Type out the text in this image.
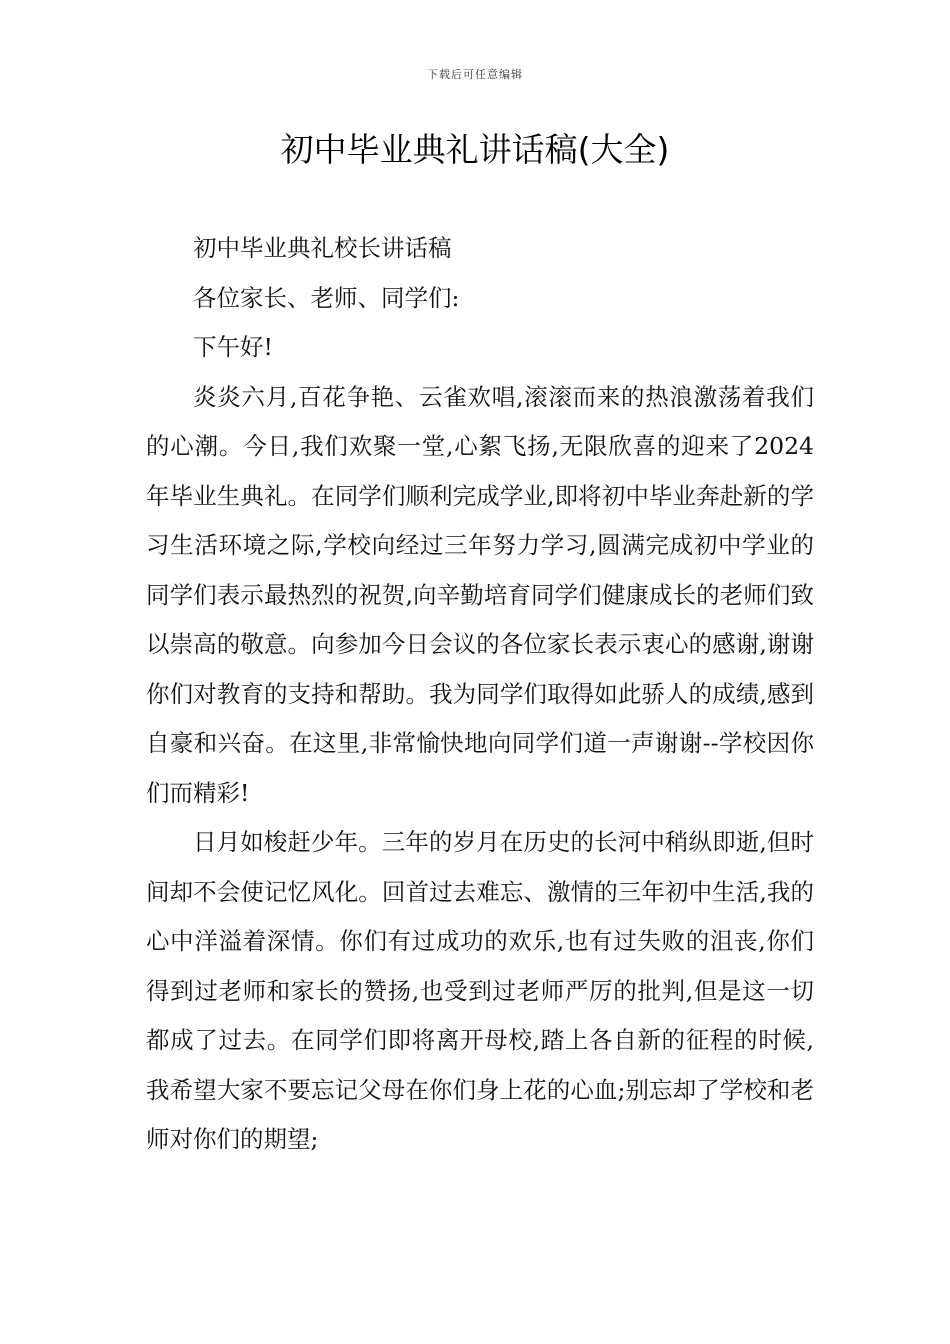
下载后可任意编辑
初中毕业典礼讲话稿(大全)

初中毕业典礼校长讲话稿

各位家长、老师、同学们:

下午好!

炎炎六月,百花争艳、云雀欢唱,滚滚而来的热浪激荡着我们的心潮。今日,我们欢聚一堂,心絮飞扬,无限欣喜的迎来了2024年毕业生典礼。在同学们顺利完成学业,即将初中毕业奔赴新的学习生活环境之际,学校向经过三年努力学习,圆满完成初中学业的同学们表示最热烈的祝贺,向辛勤培育同学们健康成长的老师们致以崇高的敬意。向参加今日会议的各位家长表示衷心的感谢,谢谢你们对教育的支持和帮助。我为同学们取得如此骄人的成绩,感到自豪和兴奋。在这里,非常愉快地向同学们道一声谢谢--学校因你们而精彩!

日月如梭赶少年。三年的岁月在历史的长河中稍纵即逝,但时间却不会使记忆风化。回首过去难忘、激情的三年初中生活,我的心中洋溢着深情。你们有过成功的欢乐,也有过失败的沮丧,你们得到过老师和家长的赞扬,也受到过老师严厉的批判,但是这一切都成了过去。在同学们即将离开母校,踏上各自新的征程的时候,我希望大家不要忘记父母在你们身上花的心血;别忘却了学校和老师对你们的期望;
